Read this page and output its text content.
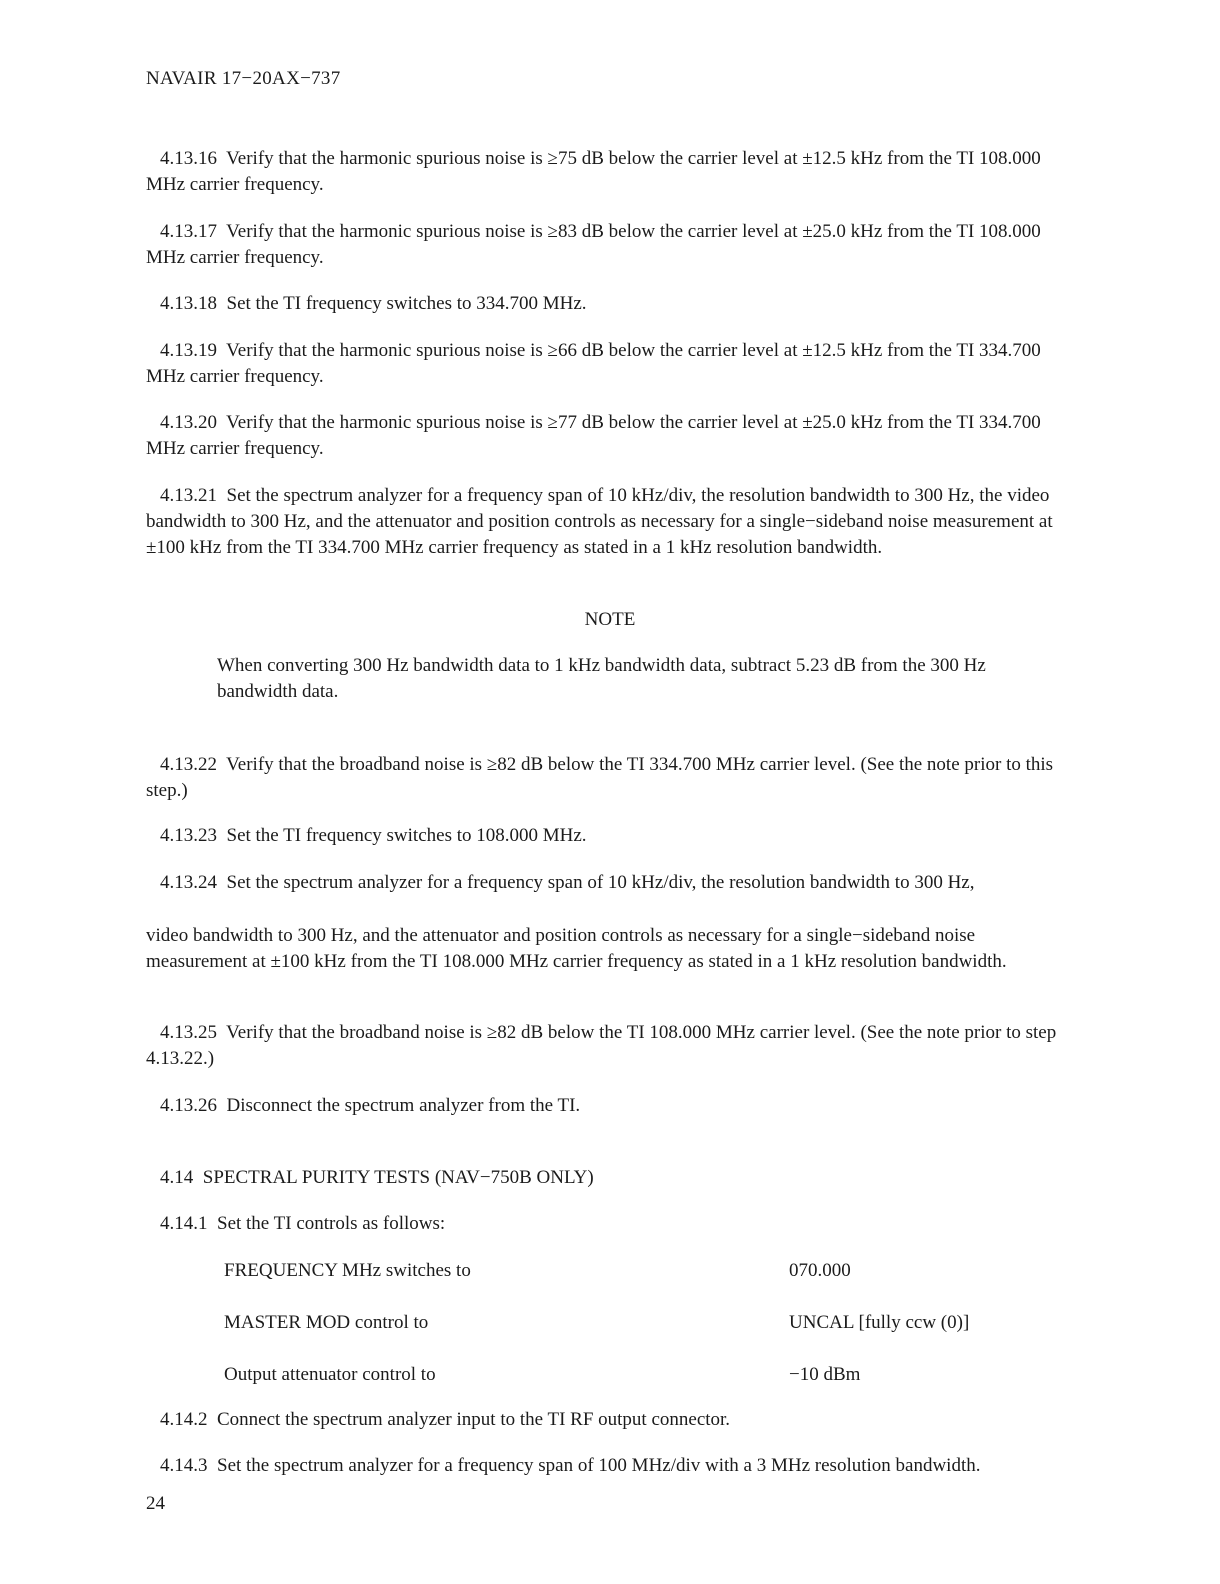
NAVAIR 17−20AX−737

4.13.16 Verify that the harmonic spurious noise is ≥75 dB below the carrier level at ±12.5 kHz from the TI 108.000 MHz carrier frequency.

4.13.17 Verify that the harmonic spurious noise is ≥83 dB below the carrier level at ±25.0 kHz from the TI 108.000 MHz carrier frequency.

4.13.18 Set the TI frequency switches to 334.700 MHz.

4.13.19 Verify that the harmonic spurious noise is ≥66 dB below the carrier level at ±12.5 kHz from the TI 334.700 MHz carrier frequency.

4.13.20 Verify that the harmonic spurious noise is ≥77 dB below the carrier level at ±25.0 kHz from the TI 334.700 MHz carrier frequency.

4.13.21 Set the spectrum analyzer for a frequency span of 10 kHz/div, the resolution bandwidth to 300 Hz, the video bandwidth to 300 Hz, and the attenuator and position controls as necessary for a single−sideband noise measurement at ±100 kHz from the TI 334.700 MHz carrier frequency as stated in a 1 kHz resolution bandwidth.

NOTE
When converting 300 Hz bandwidth data to 1 kHz bandwidth data, subtract 5.23 dB from the 300 Hz bandwidth data.

4.13.22 Verify that the broadband noise is ≥82 dB below the TI 334.700 MHz carrier level. (See the note prior to this step.)

4.13.23 Set the TI frequency switches to 108.000 MHz.

4.13.24 Set the spectrum analyzer for a frequency span of 10 kHz/div, the resolution bandwidth to 300 Hz,

video bandwidth to 300 Hz, and the attenuator and position controls as necessary for a single−sideband noise measurement at ±100 kHz from the TI 108.000 MHz carrier frequency as stated in a 1 kHz resolution bandwidth.

4.13.25 Verify that the broadband noise is ≥82 dB below the TI 108.000 MHz carrier level. (See the note prior to step 4.13.22.)

4.13.26 Disconnect the spectrum analyzer from the TI.

4.14 SPECTRAL PURITY TESTS (NAV−750B ONLY)

4.14.1 Set the TI controls as follows:

FREQUENCY MHz switches to	070.000
MASTER MOD control to	UNCAL [fully ccw (0)]
Output attenuator control to	−10 dBm

4.14.2 Connect the spectrum analyzer input to the TI RF output connector.

4.14.3 Set the spectrum analyzer for a frequency span of 100 MHz/div with a 3 MHz resolution bandwidth.

24
